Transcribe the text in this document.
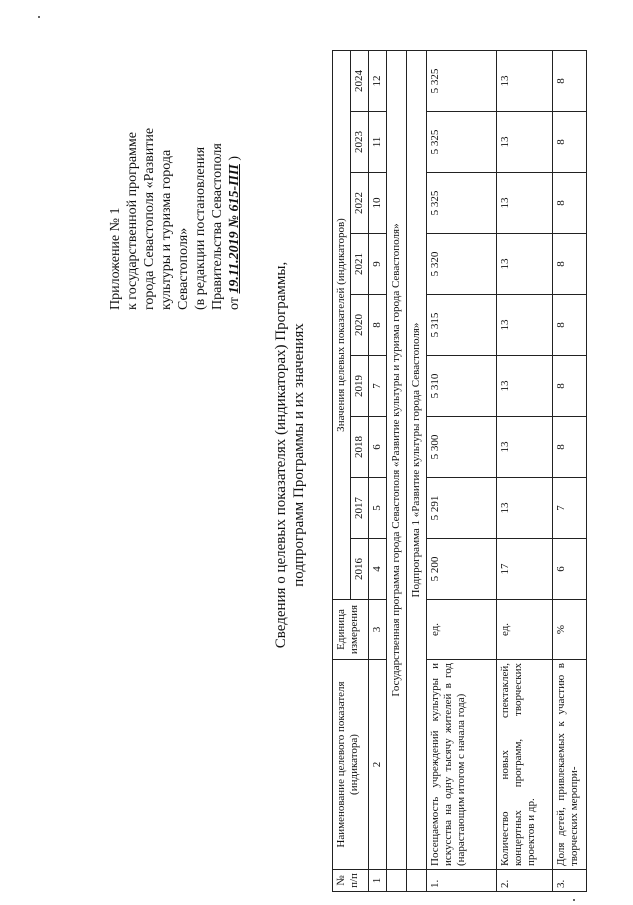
Приложение № 1 к государственной программе города Севастополя «Развитие культуры и туризма города Севастополя» (в редакции постановления Правительства Севастополя от 19.11.2019 № 615-ПП )
Сведения о целевых показателях (индикаторах) Программы, подпрограмм Программы и их значениях
№ п/п	Наименование целевого показателя (индикатора)	Единица измерения	Значения целевых показателей (индикаторов)								
			2016	2017	2018	2019	2020	2021	2022	2023	2024
1	2	3	4	5	6	7	8	9	10	11	12
	Государственная программа города Севастополя «Развитие культуры и туризма города Севастополя»										
	Подпрограмма 1 «Развитие культуры города Севастополя»										
1.	Посещаемость учреждений культуры и искусства на одну тысячу жителей в год (нарастающим итогом с начала года)	ед.	5 200	5 291	5 300	5 310	5 315	5 320	5 325	5 325	5 325
2.	Количество новых спектаклей, концертных программ, творческих проектов и др.	ед.	17	13	13	13	13	13	13	13	13
3.	Доля детей, привлекаемых к участию в творческих меропри-	%	6	7	8	8	8	8	8	8	8
